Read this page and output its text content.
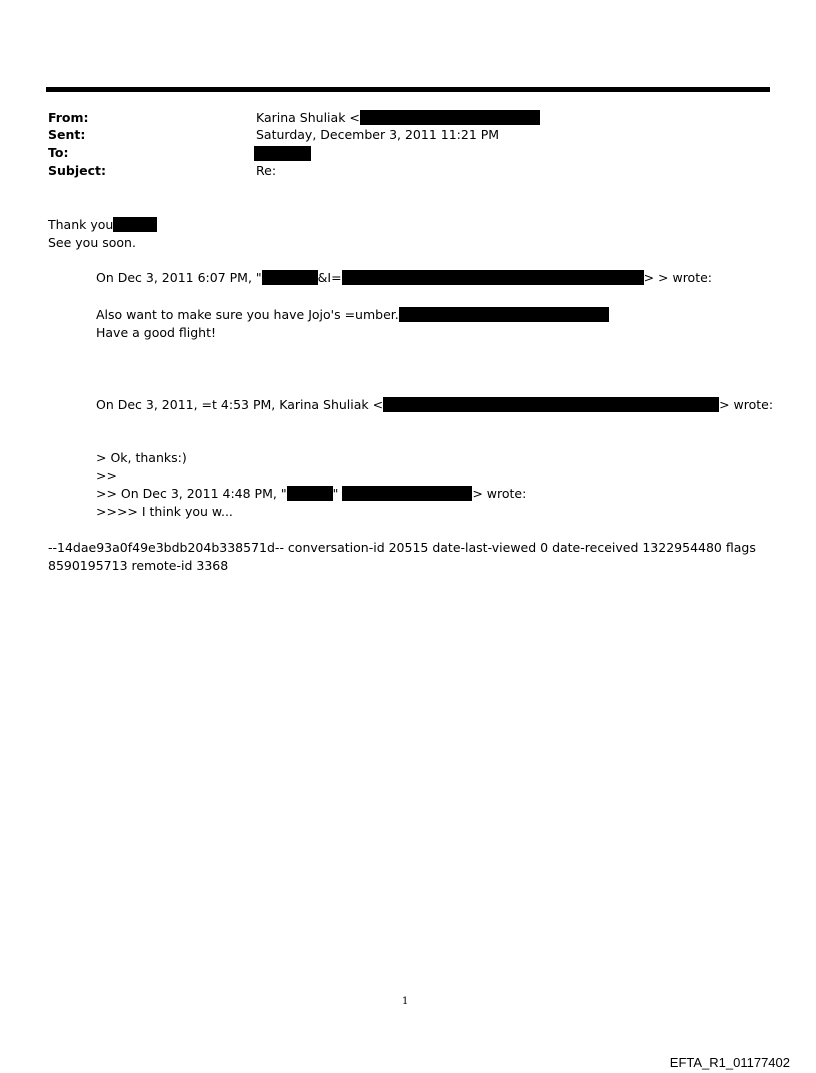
From:	Karina Shuliak <
Sent:	Saturday, December 3, 2011 11:21 PM
To:
Subject:	Re:
Thank you
See you soon.
On Dec 3, 2011 6:07 PM, "	&I=	> > wrote:
Also want to make sure you have Jojo's =umber.
Have a good flight!
On Dec 3, 2011, =t 4:53 PM, Karina Shuliak <	> wrote:
> Ok, thanks:)
>>
>> On Dec 3, 2011 4:48 PM, "	"	> wrote:
>>>> I think you w...
--14dae93a0f49e3bdb204b338571d-- conversation-id 20515 date-last-viewed 0 date-received 1322954480 flags
8590195713 remote-id 3368
1
EFTA_R1_01177402
